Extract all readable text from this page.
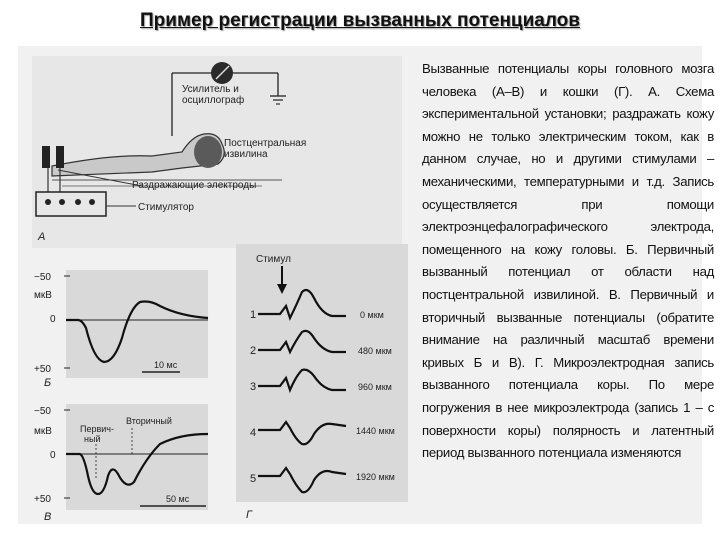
Пример регистрации вызванных потенциалов
Усилитель и
осциллограф
Постцентральная
извилина
Раздражающие электроды
Стимулятор
А
−50
мкВ
0
+50	10 мс
Б
−50
мкВ
0
+50
Первич-
ный
Вторичный
50 мс
В
Стимул
1	0 мкм
2	480 мкм
3	960 мкм
4	1440 мкм
5	1920 мкм
Г

Вызванные потенциалы коры головного мозга человека (А–В) и кошки (Г). А. Схема экспериментальной установки; раздражать кожу можно не только электрическим током, как в данном случае, но и другими стимулами – механическими, температурными и т.д. Запись осуществляется при помощи электроэнцефалографического электрода, помещенного на кожу головы. Б. Первичный вызванный потенциал от области над постцентральной извилиной. В. Первичный и вторичный вызванные потенциалы (обратите внимание на различный масштаб времени кривых Б и В). Г. Микроэлектродная запись вызванного потенциала коры. По мере погружения в нее микроэлектрода (запись 1 – с поверхности коры) полярность и латентный период вызванного потенциала изменяются
